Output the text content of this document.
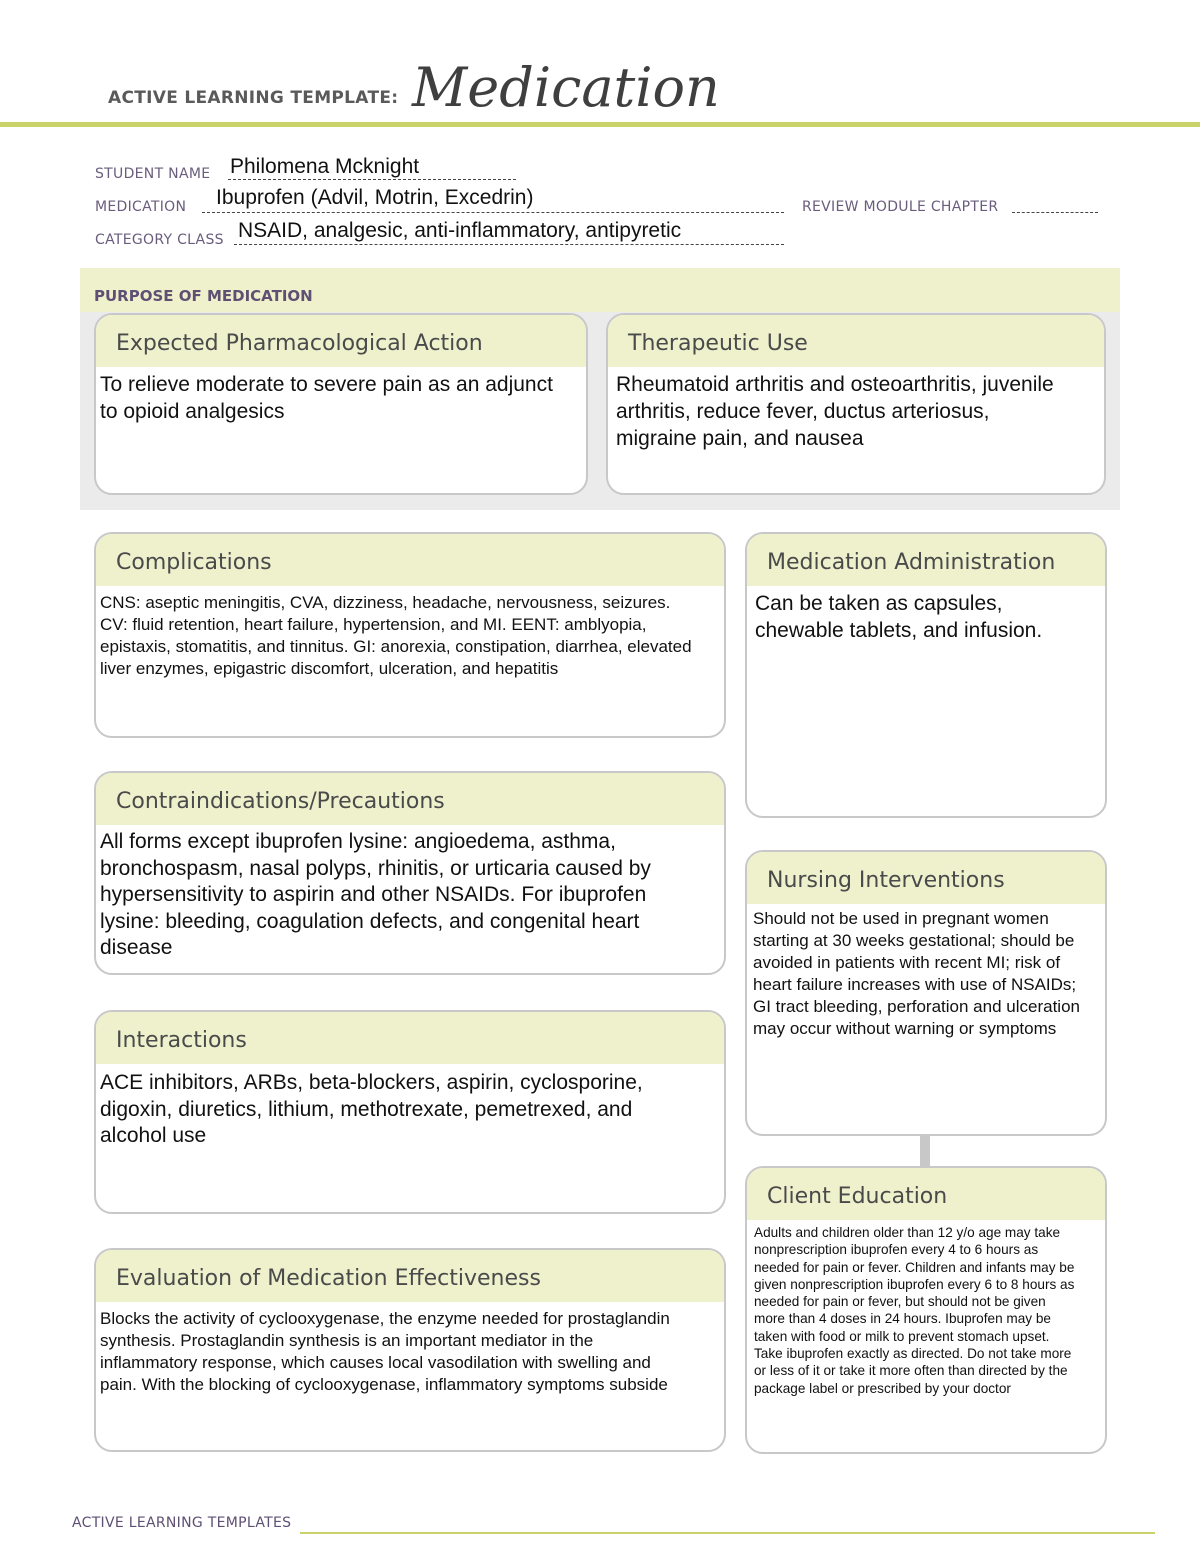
ACTIVE LEARNING TEMPLATE: Medication
STUDENT NAME Philomena Mcknight
MEDICATION Ibuprofen (Advil, Motrin, Excedrin)	REVIEW MODULE CHAPTER
CATEGORY CLASS NSAID, analgesic, anti-inflammatory, antipyretic
PURPOSE OF MEDICATION
Expected Pharmacological Action
To relieve moderate to severe pain as an adjunct to opioid analgesics
Therapeutic Use
Rheumatoid arthritis and osteoarthritis, juvenile arthritis, reduce fever, ductus arteriosus, migraine pain, and nausea
Complications
CNS: aseptic meningitis, CVA, dizziness, headache, nervousness, seizures. CV: fluid retention, heart failure, hypertension, and MI. EENT: amblyopia, epistaxis, stomatitis, and tinnitus. GI: anorexia, constipation, diarrhea, elevated liver enzymes, epigastric discomfort, ulceration, and hepatitis
Contraindications/Precautions
All forms except ibuprofen lysine: angioedema, asthma, bronchospasm, nasal polyps, rhinitis, or urticaria caused by hypersensitivity to aspirin and other NSAIDs. For ibuprofen lysine: bleeding, coagulation defects, and congenital heart disease
Interactions
ACE inhibitors, ARBs, beta-blockers, aspirin, cyclosporine, digoxin, diuretics, lithium, methotrexate, pemetrexed, and alcohol use
Evaluation of Medication Effectiveness
Blocks the activity of cyclooxygenase, the enzyme needed for prostaglandin synthesis. Prostaglandin synthesis is an important mediator in the inflammatory response, which causes local vasodilation with swelling and pain. With the blocking of cyclooxygenase, inflammatory symptoms subside
Medication Administration
Can be taken as capsules, chewable tablets, and infusion.
Nursing Interventions
Should not be used in pregnant women starting at 30 weeks gestational; should be avoided in patients with recent MI; risk of heart failure increases with use of NSAIDs; GI tract bleeding, perforation and ulceration may occur without warning or symptoms
Client Education
Adults and children older than 12 y/o age may take nonprescription ibuprofen every 4 to 6 hours as needed for pain or fever. Children and infants may be given nonprescription ibuprofen every 6 to 8 hours as needed for pain or fever, but should not be given more than 4 doses in 24 hours. Ibuprofen may be taken with food or milk to prevent stomach upset. Take ibuprofen exactly as directed. Do not take more or less of it or take it more often than directed by the package label or prescribed by your doctor
ACTIVE LEARNING TEMPLATES
